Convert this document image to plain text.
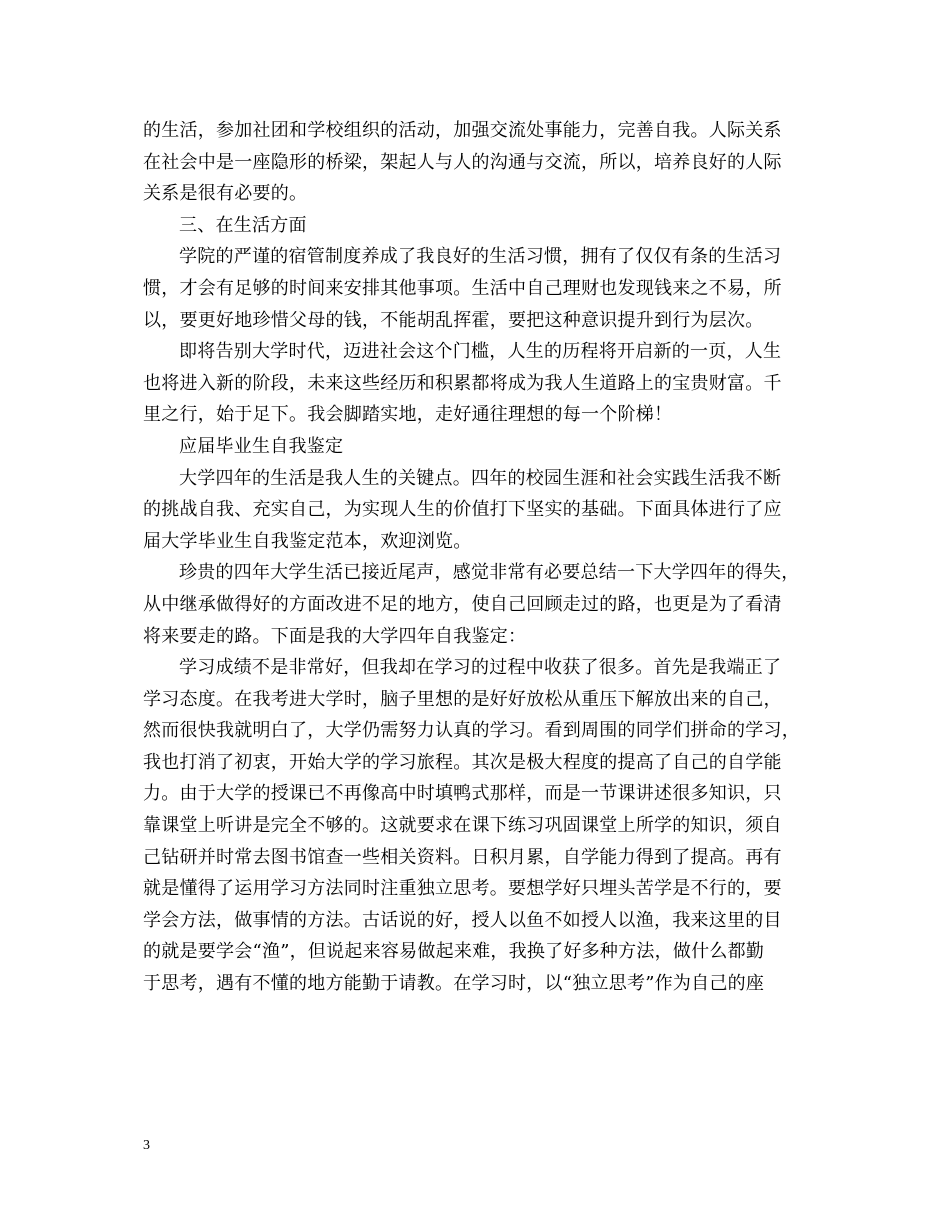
的生活，参加社团和学校组织的活动，加强交流处事能力，完善自我。人际关系
在社会中是一座隐形的桥梁，架起人与人的沟通与交流，所以，培养良好的人际
关系是很有必要的。
三、在生活方面
学院的严谨的宿管制度养成了我良好的生活习惯，拥有了仅仅有条的生活习
惯，才会有足够的时间来安排其他事项。生活中自己理财也发现钱来之不易，所
以，要更好地珍惜父母的钱，不能胡乱挥霍，要把这种意识提升到行为层次。
即将告别大学时代，迈进社会这个门槛，人生的历程将开启新的一页，人生
也将进入新的阶段，未来这些经历和积累都将成为我人生道路上的宝贵财富。千
里之行，始于足下。我会脚踏实地，走好通往理想的每一个阶梯！
应届毕业生自我鉴定
大学四年的生活是我人生的关键点。四年的校园生涯和社会实践生活我不断
的挑战自我、充实自己，为实现人生的价值打下坚实的基础。下面具体进行了应
届大学毕业生自我鉴定范本，欢迎浏览。
珍贵的四年大学生活已接近尾声，感觉非常有必要总结一下大学四年的得失，
从中继承做得好的方面改进不足的地方，使自己回顾走过的路，也更是为了看清
将来要走的路。下面是我的大学四年自我鉴定：
学习成绩不是非常好，但我却在学习的过程中收获了很多。首先是我端正了
学习态度。在我考进大学时，脑子里想的是好好放松从重压下解放出来的自己，
然而很快我就明白了，大学仍需努力认真的学习。看到周围的同学们拼命的学习，
我也打消了初衷，开始大学的学习旅程。其次是极大程度的提高了自己的自学能
力。由于大学的授课已不再像高中时填鸭式那样，而是一节课讲述很多知识，只
靠课堂上听讲是完全不够的。这就要求在课下练习巩固课堂上所学的知识，须自
己钻研并时常去图书馆查一些相关资料。日积月累，自学能力得到了提高。再有
就是懂得了运用学习方法同时注重独立思考。要想学好只埋头苦学是不行的，要
学会方法，做事情的方法。古话说的好，授人以鱼不如授人以渔，我来这里的目
的就是要学会“渔”，但说起来容易做起来难，我换了好多种方法，做什么都勤
于思考，遇有不懂的地方能勤于请教。在学习时，以“独立思考”作为自己的座
3
